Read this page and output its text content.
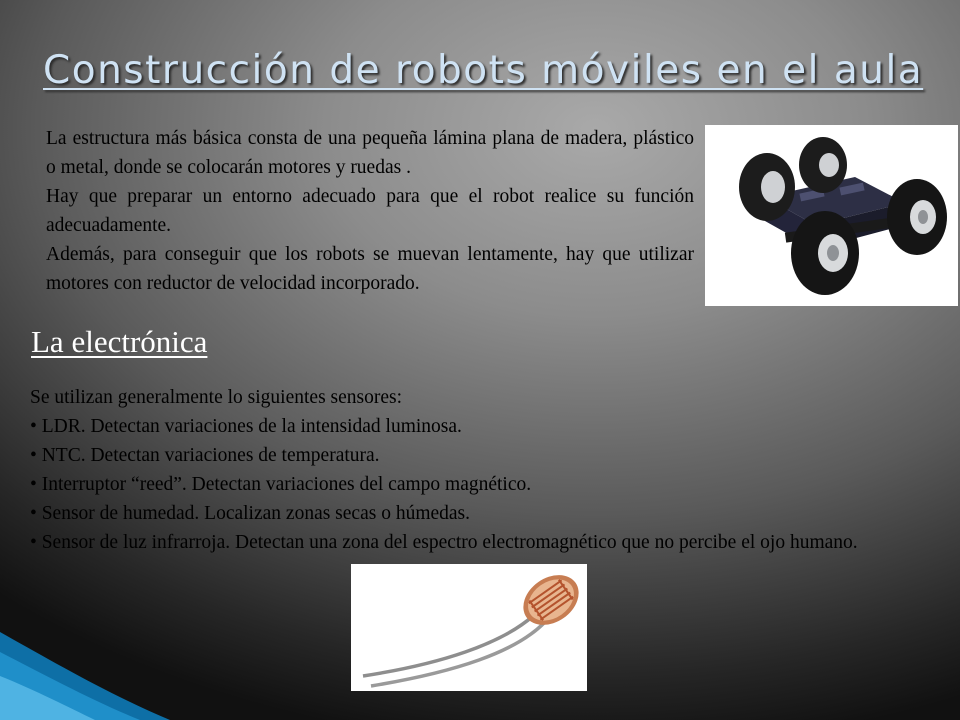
Construcción de robots móviles en el aula

La estructura más básica consta de una pequeña lámina plana de madera, plástico o metal, donde se colocarán motores y ruedas .

Hay que preparar un entorno adecuado para que el robot realice su función adecuadamente.

Además, para conseguir que los robots se muevan lentamente, hay que utilizar motores con reductor de velocidad incorporado.

La electrónica

Se utilizan generalmente lo siguientes sensores:

• LDR. Detectan variaciones de la intensidad luminosa.

• NTC. Detectan variaciones de temperatura.

• Interruptor “reed”. Detectan variaciones del campo magnético.

• Sensor de humedad. Localizan zonas secas o húmedas.

• Sensor de luz infrarroja. Detectan una zona del espectro electromagnético que no percibe el ojo humano.
